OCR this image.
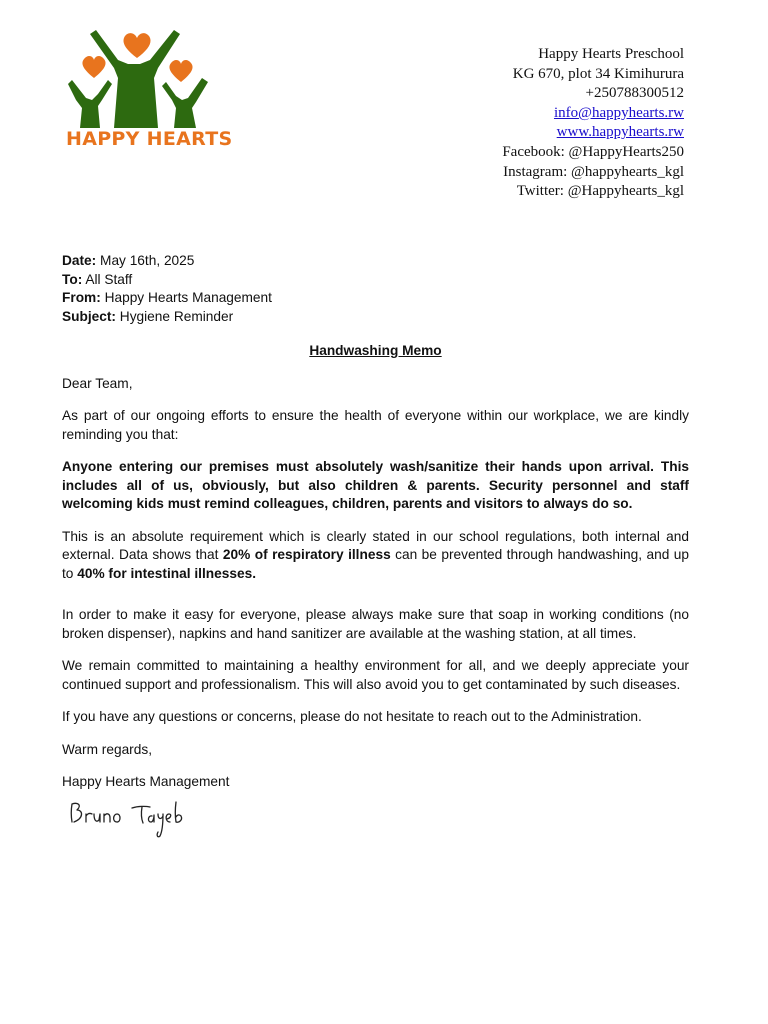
HAPPY HEARTS
Happy Hearts Preschool
KG 670, plot 34 Kimihurura
+250788300512
info@happyhearts.rw
www.happyhearts.rw
Facebook: @HappyHearts250
Instagram: @happyhearts_kgl
Twitter: @Happyhearts_kgl

Date: May 16th, 2025

To: All Staff

From: Happy Hearts Management

Subject: Hygiene Reminder

Handwashing Memo

Dear Team,

As part of our ongoing efforts to ensure the health of everyone within our workplace, we are kindly reminding you that:

Anyone entering our premises must absolutely wash/sanitize their hands upon arrival. This includes all of us, obviously, but also children & parents. Security personnel and staff welcoming kids must remind colleagues, children, parents and visitors to always do so.

This is an absolute requirement which is clearly stated in our school regulations, both internal and external. Data shows that 20% of respiratory illness can be prevented through handwashing, and up to 40% for intestinal illnesses.

In order to make it easy for everyone, please always make sure that soap in working conditions (no broken dispenser), napkins and hand sanitizer are available at the washing station, at all times.

We remain committed to maintaining a healthy environment for all, and we deeply appreciate your continued support and professionalism. This will also avoid you to get contaminated by such diseases.

If you have any questions or concerns, please do not hesitate to reach out to the Administration.

Warm regards,

Happy Hearts Management
